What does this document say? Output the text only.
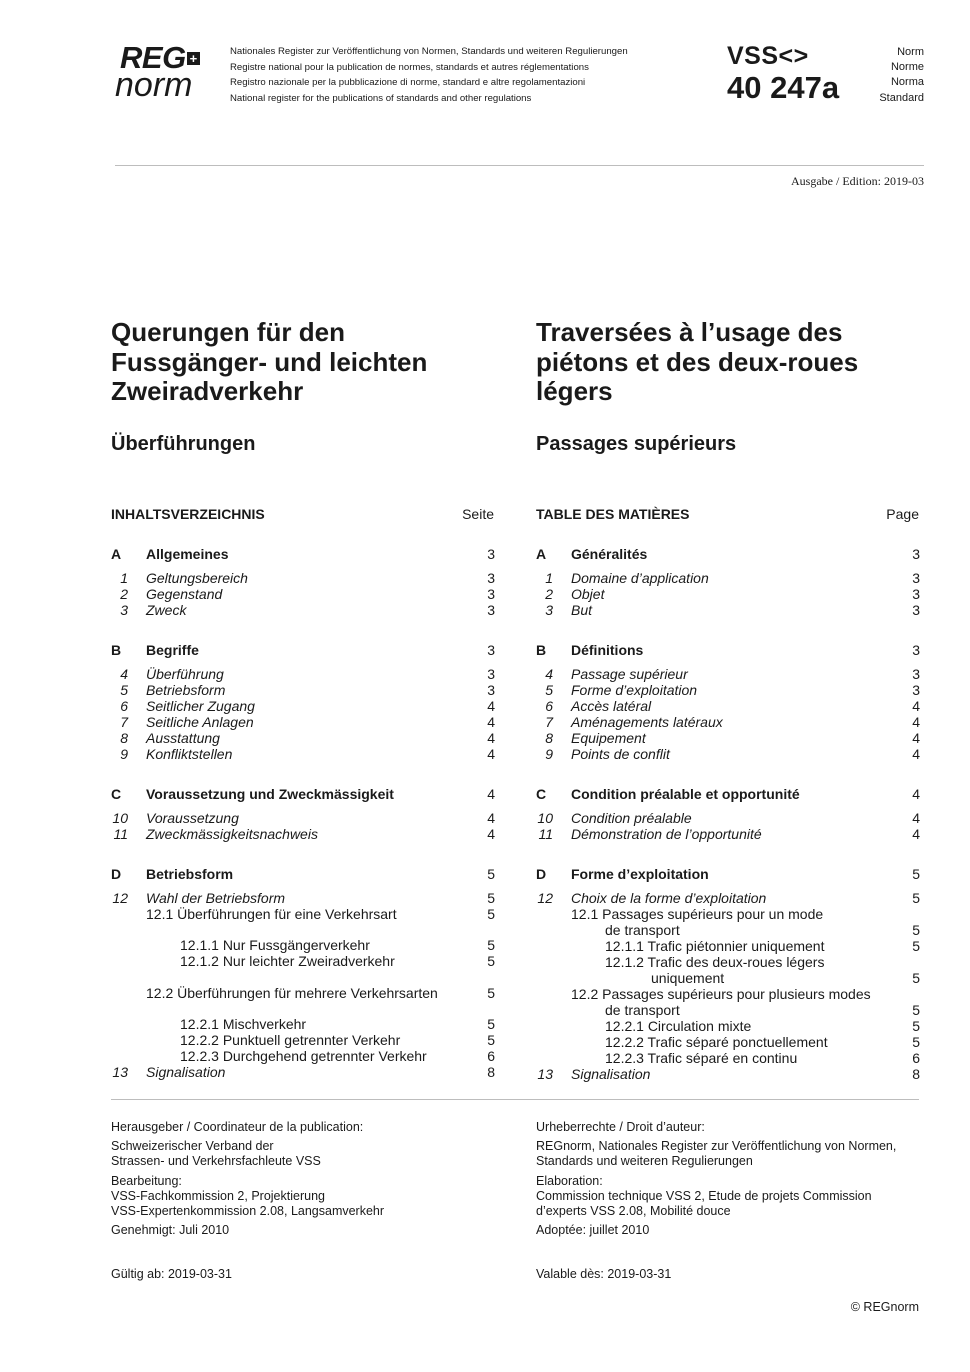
REG +
norm
Nationales Register zur Veröffentlichung von Normen, Standards und weiteren Regulierungen
Registre national pour la publication de normes, standards et autres réglementations
Registro nazionale per la pubblicazione di norme, standard e altre regolamentazioni
National register for the publications of standards and other regulations
VSS<>
40 247a
Norm
Norme
Norma
Standard
Ausgabe / Edition: 2019-03
Querungen für den
Fussgänger- und leichten
Zweiradverkehr
Traversées à l’usage des
piétons et des deux-roues
légers
Überführungen	Passages supérieurs
INHALTSVERZEICHNIS	Seite	TABLE DES MATIÈRES	Page
A	Allgemeines	3
1 Geltungsbereich	3
2 Gegenstand	3
3 Zweck	3
B	Begriffe	3
4 Überführung	3
5 Betriebsform	3
6 Seitlicher Zugang	4
7 Seitliche Anlagen	4
8 Ausstattung	4
9 Konfliktstellen	4
C	Voraussetzung und Zweckmässigkeit	4
10 Voraussetzung	4
11 Zweckmässigkeitsnachweis	4
D	Betriebsform	5
12 Wahl der Betriebsform	5
12.1 Überführungen für eine Verkehrsart	5
12.1.1 Nur Fussgängerverkehr	5
12.1.2 Nur leichter Zweiradverkehr	5
12.2 Überführungen für mehrere Verkehrsarten	5
12.2.1 Mischverkehr	5
12.2.2 Punktuell getrennter Verkehr	5
12.2.3 Durchgehend getrennter Verkehr	6
13 Signalisation	8
A	Généralités	3
1 Domaine d’application	3
2 Objet	3
3 But	3
B	Définitions	3
4 Passage supérieur	3
5 Forme d’exploitation	3
6 Accès latéral	4
7 Aménagements latéraux	4
8 Equipement	4
9 Points de conflit	4
C	Condition préalable et opportunité	4
10 Condition préalable	4
11 Démonstration de l’opportunité	4
D	Forme d’exploitation	5
12 Choix de la forme d’exploitation	5
12.1 Passages supérieurs pour un mode
de transport	5
12.1.1 Trafic piétonnier uniquement	5
12.1.2 Trafic des deux-roues légers
uniquement	5
12.2 Passages supérieurs pour plusieurs modes
de transport	5
12.2.1 Circulation mixte	5
12.2.2 Trafic séparé ponctuellement	5
12.2.3 Trafic séparé en continu	6
13 Signalisation	8
Herausgeber / Coordinateur de la publication:
Schweizerischer Verband der
Strassen- und Verkehrsfachleute VSS
Bearbeitung:
VSS-Fachkommission 2, Projektierung
VSS-Expertenkommission 2.08, Langsamverkehr
Genehmigt: Juli 2010
Gültig ab: 2019-03-31
Urheberrechte / Droit d’auteur:
REGnorm, Nationales Register zur Veröffentlichung von Normen,
Standards und weiteren Regulierungen
Elaboration:
Commission technique VSS 2, Etude de projets Commission
d’experts VSS 2.08, Mobilité douce
Adoptée: juillet 2010
Valable dès: 2019-03-31
© REGnorm
